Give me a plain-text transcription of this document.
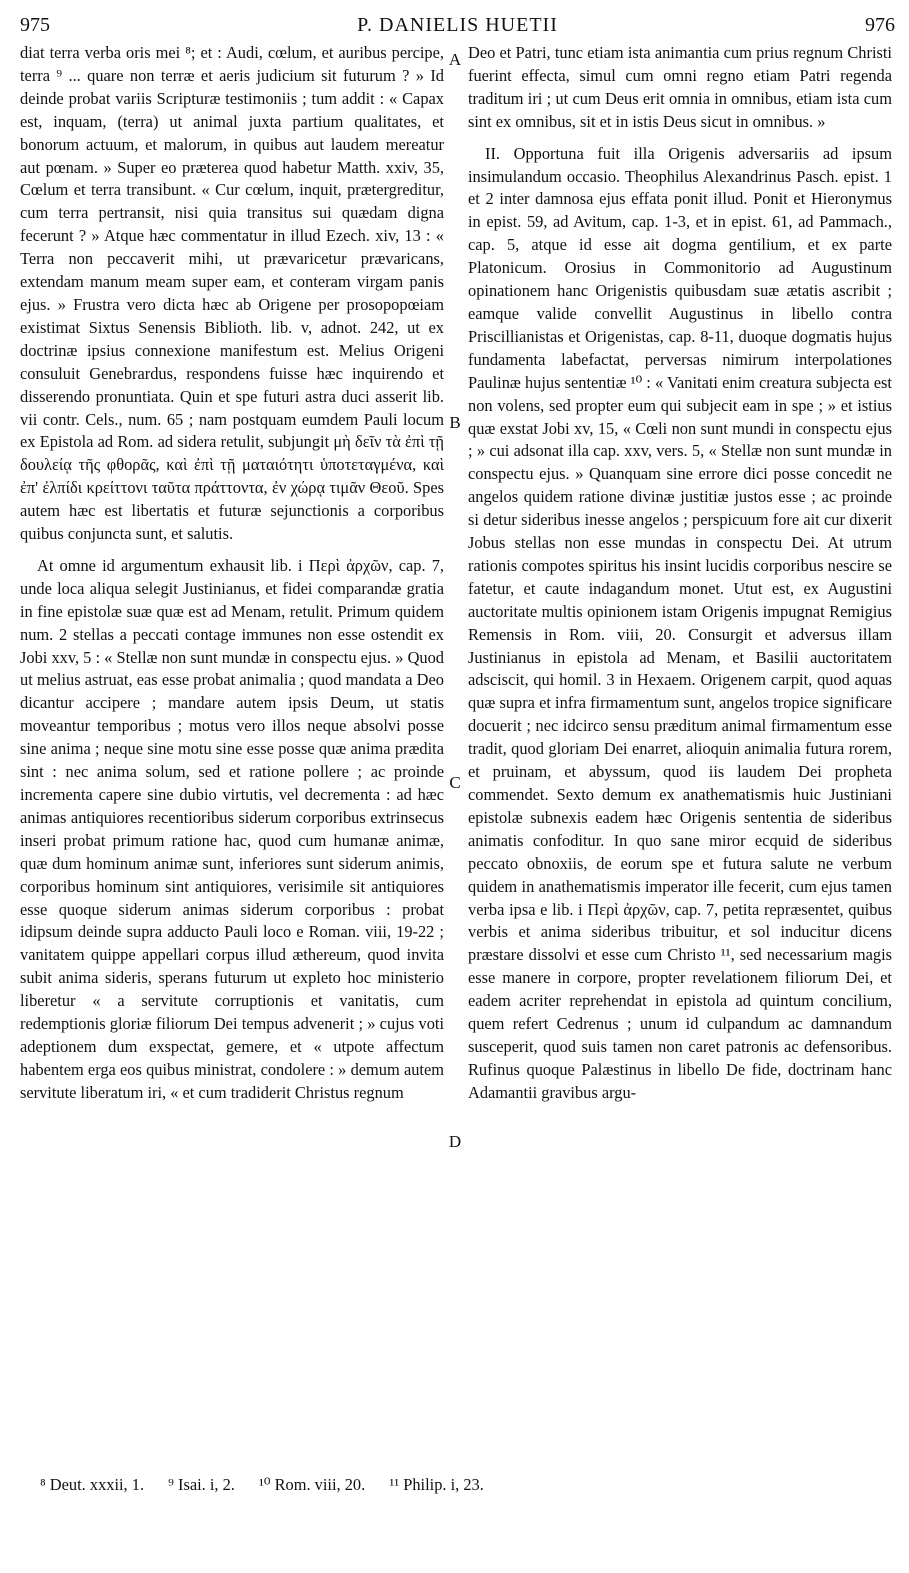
975	P. DANIELIS HUETII	976
A
B
C
D

diat terra verba oris mei ⁸; et : Audi, cœlum, et auribus percipe, terra ⁹ ... quare non terræ et aeris judicium sit futurum ? » Id deinde probat variis Scripturæ testimoniis ; tum addit : « Capax est, inquam, (terra) ut animal juxta partium qualitates, et bonorum actuum, et malorum, in quibus aut laudem mereatur aut pœnam. » Super eo præterea quod habetur Matth. xxiv, 35, Cœlum et terra transibunt. « Cur cœlum, inquit, prætergreditur, cum terra pertransit, nisi quia transitus sui quædam digna fecerunt ? » Atque hæc commentatur in illud Ezech. xiv, 13 : « Terra non peccaverit mihi, ut prævaricetur prævaricans, extendam manum meam super eam, et conteram virgam panis ejus. » Frustra vero dicta hæc ab Origene per prosopopœiam existimat Sixtus Senensis Biblioth. lib. v, adnot. 242, ut ex doctrinæ ipsius connexione manifestum est. Melius Origeni consuluit Genebrardus, respondens fuisse hæc inquirendo et disserendo pronuntiata. Quin et spe futuri astra duci asserit lib. vii contr. Cels., num. 65 ; nam postquam eumdem Pauli locum ex Epistola ad Rom. ad sidera retulit, subjungit μὴ δεῖν τὰ ἐπὶ τῇ δουλείᾳ τῆς φθορᾶς, καὶ ἐπὶ τῇ ματαιότητι ὑποτεταγμένα, καὶ ἐπ' ἐλπίδι κρείττονι ταῦτα πράττοντα, ἐν χώρᾳ τιμᾶν Θεοῦ. Spes autem hæc est libertatis et futuræ sejunctionis a corporibus quibus conjuncta sunt, et salutis.

At omne id argumentum exhausit lib. i Περὶ ἀρχῶν, cap. 7, unde loca aliqua selegit Justinianus, et fidei comparandæ gratia in fine epistolæ suæ quæ est ad Menam, retulit. Primum quidem num. 2 stellas a peccati contage immunes non esse ostendit ex Jobi xxv, 5 : « Stellæ non sunt mundæ in conspectu ejus. » Quod ut melius astruat, eas esse probat animalia ; quod mandata a Deo dicantur accipere ; mandare autem ipsis Deum, ut statis moveantur temporibus ; motus vero illos neque absolvi posse sine anima ; neque sine motu sine esse posse quæ anima prædita sint : nec anima solum, sed et ratione pollere ; ac proinde incrementa capere sine dubio virtutis, vel decrementa : ad hæc animas antiquiores recentioribus siderum corporibus extrinsecus inseri probat primum ratione hac, quod cum humanæ animæ, quæ dum hominum animæ sunt, inferiores sunt siderum animis, corporibus hominum sint antiquiores, verisimile sit antiquiores esse quoque siderum animas siderum corporibus : probat idipsum deinde supra adducto Pauli loco e Roman. viii, 19-22 ; vanitatem quippe appellari corpus illud æthereum, quod invita subit anima sideris, sperans futurum ut expleto hoc ministerio liberetur « a servitute corruptionis et vanitatis, cum redemptionis gloriæ filiorum Dei tempus advenerit ; » cujus voti adeptionem dum exspectat, gemere, et « utpote affectum habentem erga eos quibus ministrat, condolere : » demum autem servitute liberatum iri, « et cum tradiderit Christus regnum

Deo et Patri, tunc etiam ista animantia cum prius regnum Christi fuerint effecta, simul cum omni regno etiam Patri regenda traditum iri ; ut cum Deus erit omnia in omnibus, etiam ista cum sint ex omnibus, sit et in istis Deus sicut in omnibus. »

II. Opportuna fuit illa Origenis adversariis ad ipsum insimulandum occasio. Theophilus Alexandrinus Pasch. epist. 1 et 2 inter damnosa ejus effata ponit illud. Ponit et Hieronymus in epist. 59, ad Avitum, cap. 1-3, et in epist. 61, ad Pammach., cap. 5, atque id esse ait dogma gentilium, et ex parte Platonicum. Orosius in Commonitorio ad Augustinum opinationem hanc Origenistis quibusdam suæ ætatis ascribit ; eamque valide convellit Augustinus in libello contra Priscillianistas et Origenistas, cap. 8-11, duoque dogmatis hujus fundamenta labefactat, perversas nimirum interpolationes Paulinæ hujus sententiæ ¹⁰ : « Vanitati enim creatura subjecta est non volens, sed propter eum qui subjecit eam in spe ; » et istius quæ exstat Jobi xv, 15, « Cœli non sunt mundi in conspectu ejus ; » cui adsonat illa cap. xxv, vers. 5, « Stellæ non sunt mundæ in conspectu ejus. » Quanquam sine errore dici posse concedit ne angelos quidem ratione divinæ justitiæ justos esse ; ac proinde si detur sideribus inesse angelos ; perspicuum fore ait cur dixerit Jobus stellas non esse mundas in conspectu Dei. At utrum rationis compotes spiritus his insint lucidis corporibus nescire se fatetur, et caute indagandum monet. Utut est, ex Augustini auctoritate multis opinionem istam Origenis impugnat Remigius Remensis in Rom. viii, 20. Consurgit et adversus illam Justinianus in epistola ad Menam, et Basilii auctoritatem adsciscit, qui homil. 3 in Hexaem. Origenem carpit, quod aquas quæ supra et infra firmamentum sunt, angelos tropice significare docuerit ; nec idcirco sensu præditum animal firmamentum esse tradit, quod gloriam Dei enarret, alioquin animalia futura rorem, et pruinam, et abyssum, quod iis laudem Dei propheta commendet. Sexto demum ex anathematismis huic Justiniani epistolæ subnexis eadem hæc Origenis sententia de sideribus animatis confoditur. In quo sane miror ecquid de sideribus peccato obnoxiis, de eorum spe et futura salute ne verbum quidem in anathematismis imperator ille fecerit, cum ejus tamen verba ipsa e lib. i Περὶ ἀρχῶν, cap. 7, petita repræsentet, quibus verbis et anima sideribus tribuitur, et sol inducitur dicens præstare dissolvi et esse cum Christo ¹¹, sed necessarium magis esse manere in corpore, propter revelationem filiorum Dei, et eadem acriter reprehendat in epistola ad quintum concilium, quem refert Cedrenus ; unum id culpandum ac damnandum susceperit, quod suis tamen non caret patronis ac defensoribus. Rufinus quoque Palæstinus in libello De fide, doctrinam hanc Adamantii gravibus argu-

⁸ Deut. xxxii, 1. ⁹ Isai. i, 2. ¹⁰ Rom. viii, 20. ¹¹ Philip. i, 23.
